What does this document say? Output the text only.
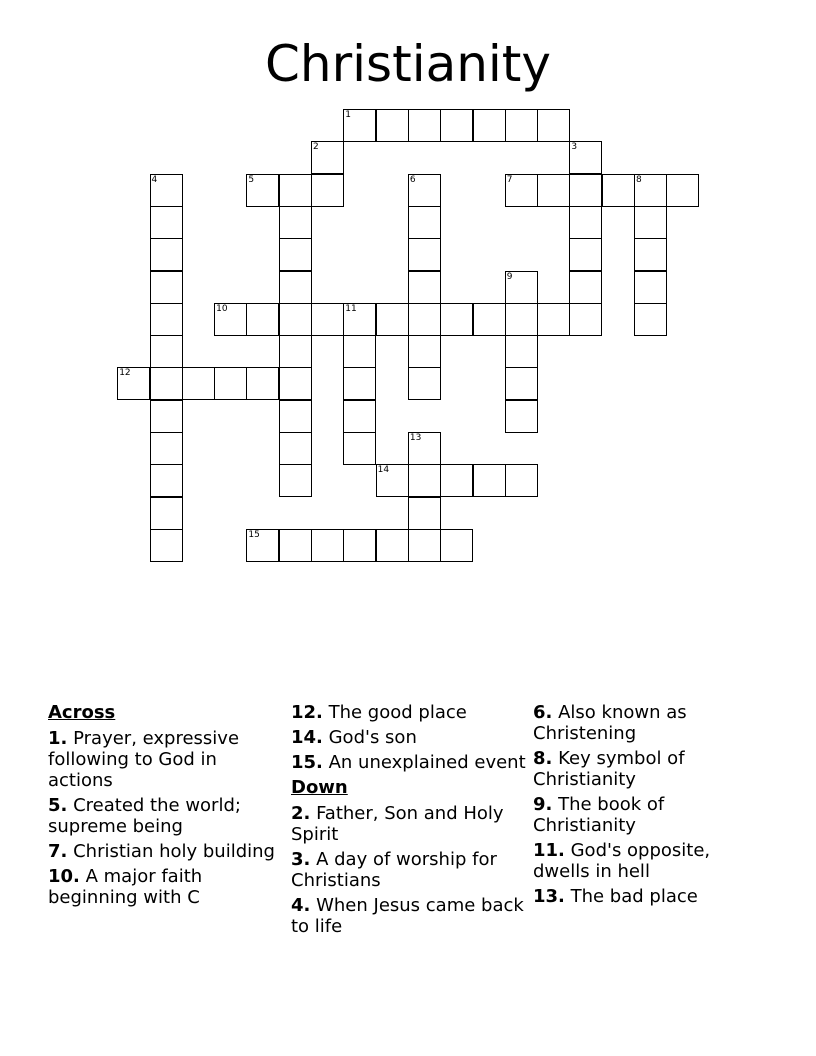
Christianity
1
2	3
4	5	6	7	8
9
10	11
12
13
14
15
Across
1. Prayer, expressive following to God in actions
5. Created the world; supreme being
7. Christian holy building
10. A major faith beginning with C
12. The good place
14. God's son
15. An unexplained event
Down
2. Father, Son and Holy Spirit
3. A day of worship for Christians
4. When Jesus came back to life
6. Also known as Christening
8. Key symbol of Christianity
9. The book of Christianity
11. God's opposite, dwells in hell
13. The bad place
